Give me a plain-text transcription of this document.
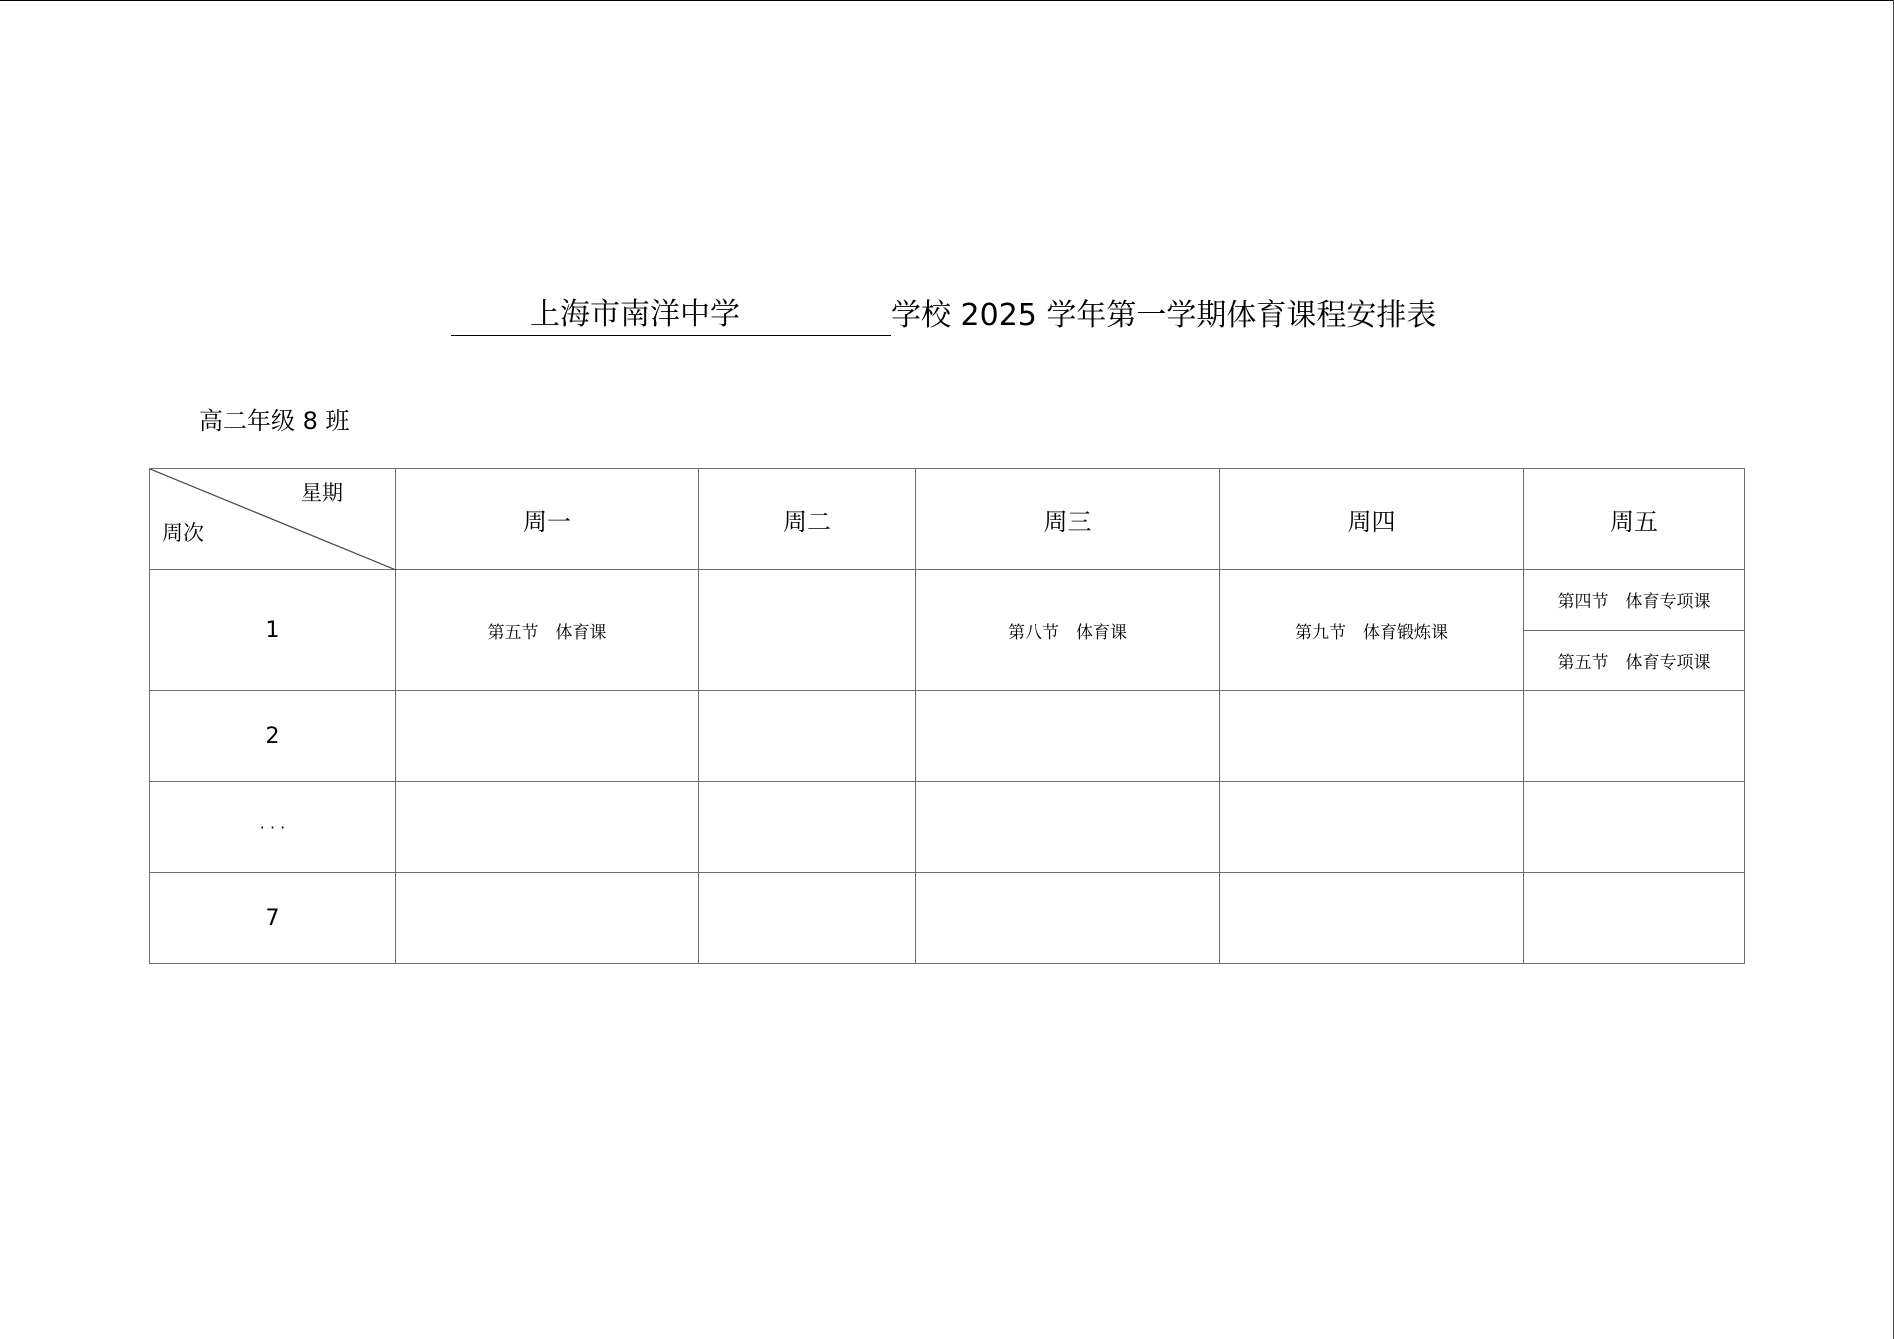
上海市南洋中学	学校 2025 学年第一学期体育课程安排表
高二年级 8 班
星期
周次	周一	周二	周三	周四	周五
1	第五节　体育课		第八节　体育课	第九节　体育锻炼课	第四节　体育专项课
第五节　体育专项课

2					
· · ·					
7					
